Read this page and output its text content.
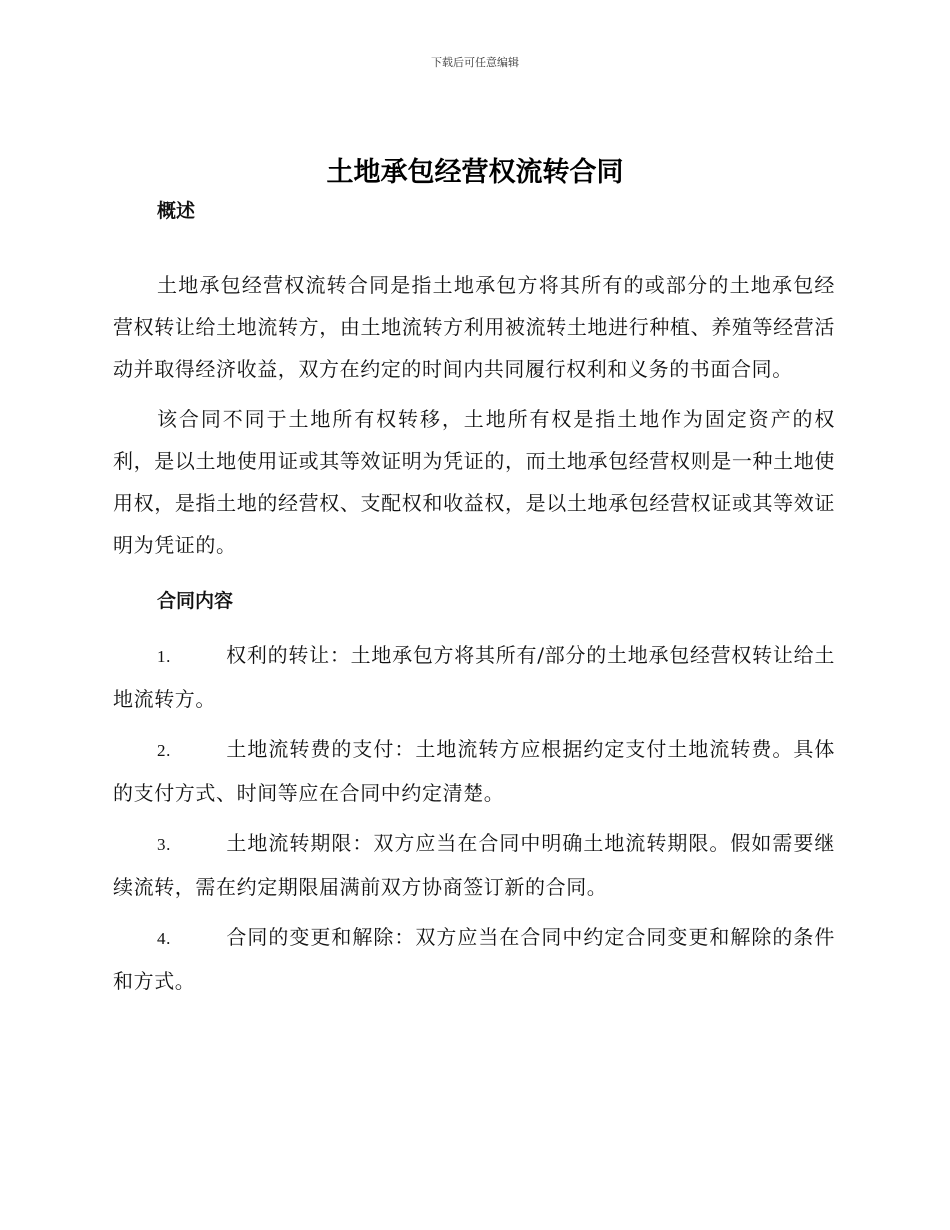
下载后可任意编辑
土地承包经营权流转合同
概述

土地承包经营权流转合同是指土地承包方将其所有的或部分的土地承包经营权转让给土地流转方，由土地流转方利用被流转土地进行种植、养殖等经营活动并取得经济收益，双方在约定的时间内共同履行权利和义务的书面合同。

该合同不同于土地所有权转移，土地所有权是指土地作为固定资产的权利，是以土地使用证或其等效证明为凭证的，而土地承包经营权则是一种土地使用权，是指土地的经营权、支配权和收益权，是以土地承包经营权证或其等效证明为凭证的。

合同内容

1.	权利的转让：土地承包方将其所有/部分的土地承包经营权转让给土地流转方。

2.	土地流转费的支付：土地流转方应根据约定支付土地流转费。具体的支付方式、时间等应在合同中约定清楚。

3.	土地流转期限：双方应当在合同中明确土地流转期限。假如需要继续流转，需在约定期限届满前双方协商签订新的合同。

4.	合同的变更和解除：双方应当在合同中约定合同变更和解除的条件和方式。
